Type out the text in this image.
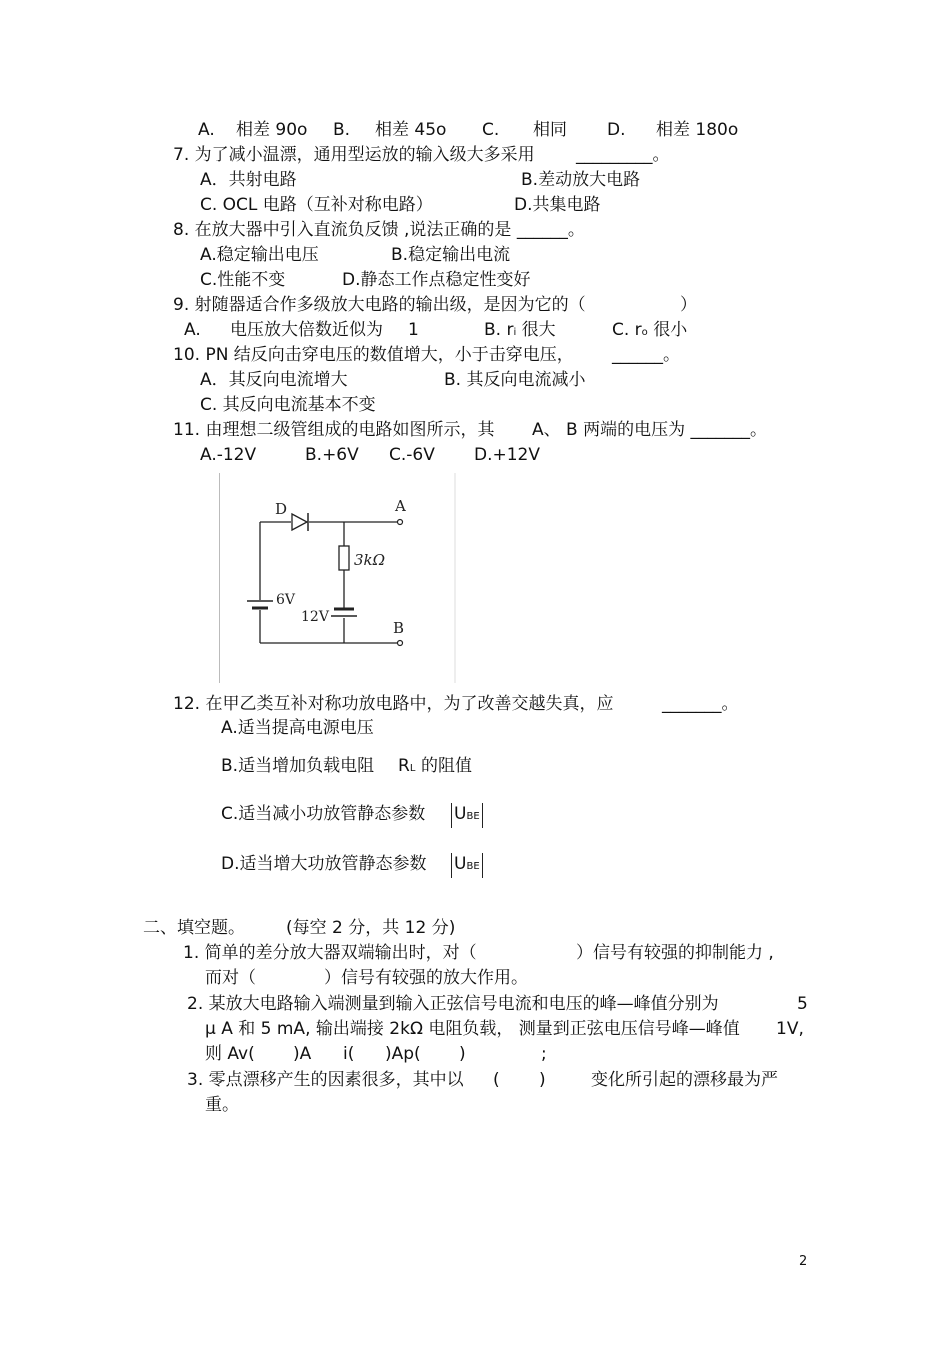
A. 相差 90o B. 相差 45o C. 相同 D. 相差 180o
7. 为了减小温漂，通用型运放的输入级大多采用 _________。
A．共射电路	B.差动放大电路
C. OCL 电路（互补对称电路）	D.共集电路
8. 在放大器中引入直流负反馈 ,说法正确的是 ______。
A.稳定输出电压	B.稳定输出电流
C.性能不变	D.静态工作点稳定性变好
9. 射随器适合作多级放大电路的输出级，是因为它的（	）
A. 电压放大倍数近似为 1	B. ri 很大	C. ro 很小
10. PN 结反向击穿电压的数值增大，小于击穿电压， ______。
A．其反向电流增大	B. 其反向电流减小
C. 其反向电流基本不变
11. 由理想二级管组成的电路如图所示，其 A、 B 两端的电压为 _______。
A.-12V	B.+6V C.-6V D.+12V
D	A
B
3kΩ
6V
12V
12. 在甲乙类互补对称功放电路中，为了改善交越失真，应	_______。
A.适当提高电源电压
B.适当增加负载电阻 RL 的阻值
C.适当减小功放管静态参数 UBE
D.适当增大功放管静态参数 UBE
二、填空题。 (每空 2 分，共 12 分)
1. 简单的差分放大器双端输出时，对（	）信号有较强的抑制能力 ,
而对（	）信号有较强的放大作用。
2. 某放大电路输入端测量到输入正弦信号电流和电压的峰—峰值分别为	5
μ A 和 5 mA, 输出端接 2kΩ 电阻负载， 测量到正弦电压信号峰—峰值 1V,
则 Av( )A i( )Ap( )	;
3. 零点漂移产生的因素很多，其中以 ( )	变化所引起的漂移最为严
重。
2
